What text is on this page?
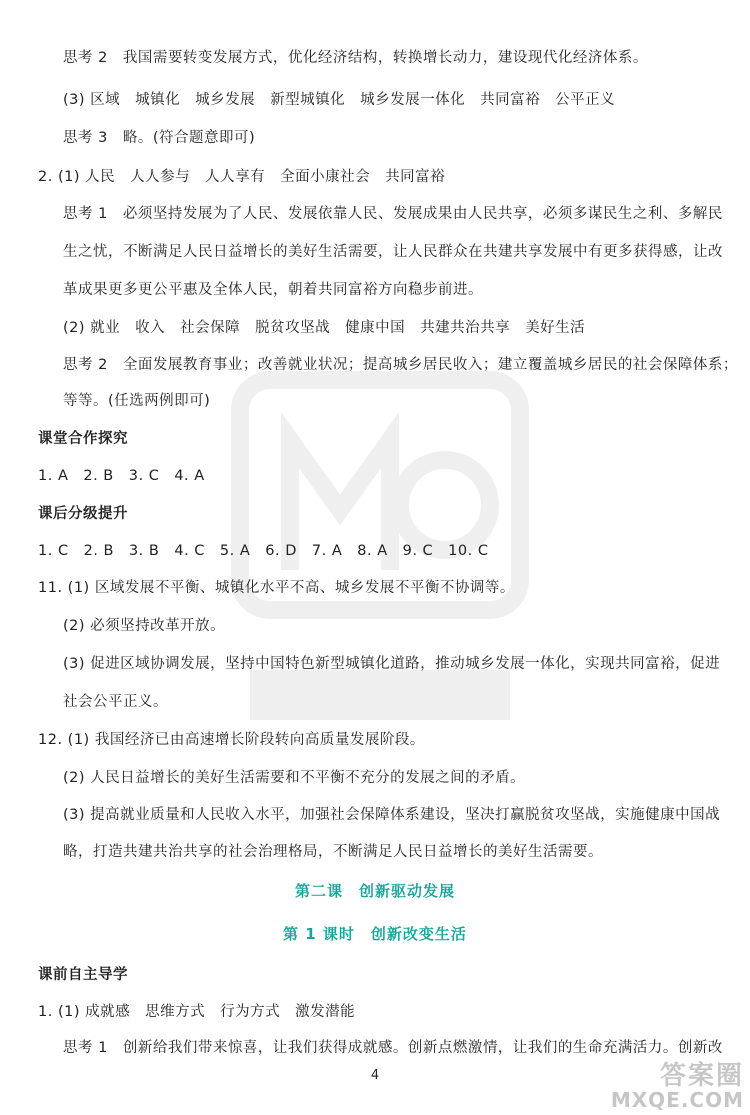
思考 2　我国需要转变发展方式，优化经济结构，转换增长动力，建设现代化经济体系。
(3) 区域　城镇化　城乡发展　新型城镇化　城乡发展一体化　共同富裕　公平正义
思考 3　略。(符合题意即可)
2. (1) 人民　人人参与　人人享有　全面小康社会　共同富裕
思考 1　必须坚持发展为了人民、发展依靠人民、发展成果由人民共享，必须多谋民生之利、多解民
生之忧，不断满足人民日益增长的美好生活需要，让人民群众在共建共享发展中有更多获得感，让改
革成果更多更公平惠及全体人民，朝着共同富裕方向稳步前进。
(2) 就业　收入　社会保障　脱贫攻坚战　健康中国　共建共治共享　美好生活
思考 2　全面发展教育事业；改善就业状况；提高城乡居民收入；建立覆盖城乡居民的社会保障体系；
等等。(任选两例即可)
课堂合作探究
1. A　2. B　3. C　4. A
课后分级提升
1. C　2. B　3. B　4. C　5. A　6. D　7. A　8. A　9. C　10. C
11. (1) 区域发展不平衡、城镇化水平不高、城乡发展不平衡不协调等。
(2) 必须坚持改革开放。
(3) 促进区域协调发展，坚持中国特色新型城镇化道路，推动城乡发展一体化，实现共同富裕，促进
社会公平正义。
12. (1) 我国经济已由高速增长阶段转向高质量发展阶段。
(2) 人民日益增长的美好生活需要和不平衡不充分的发展之间的矛盾。
(3) 提高就业质量和人民收入水平，加强社会保障体系建设，坚决打赢脱贫攻坚战，实施健康中国战
略，打造共建共治共享的社会治理格局，不断满足人民日益增长的美好生活需要。
第二课　创新驱动发展
第 1 课时　创新改变生活
课前自主导学
1. (1) 成就感　思维方式　行为方式　激发潜能
思考 1　创新给我们带来惊喜，让我们获得成就感。创新点燃激情，让我们的生命充满活力。创新改
4	答案圈
MXQE.COM
